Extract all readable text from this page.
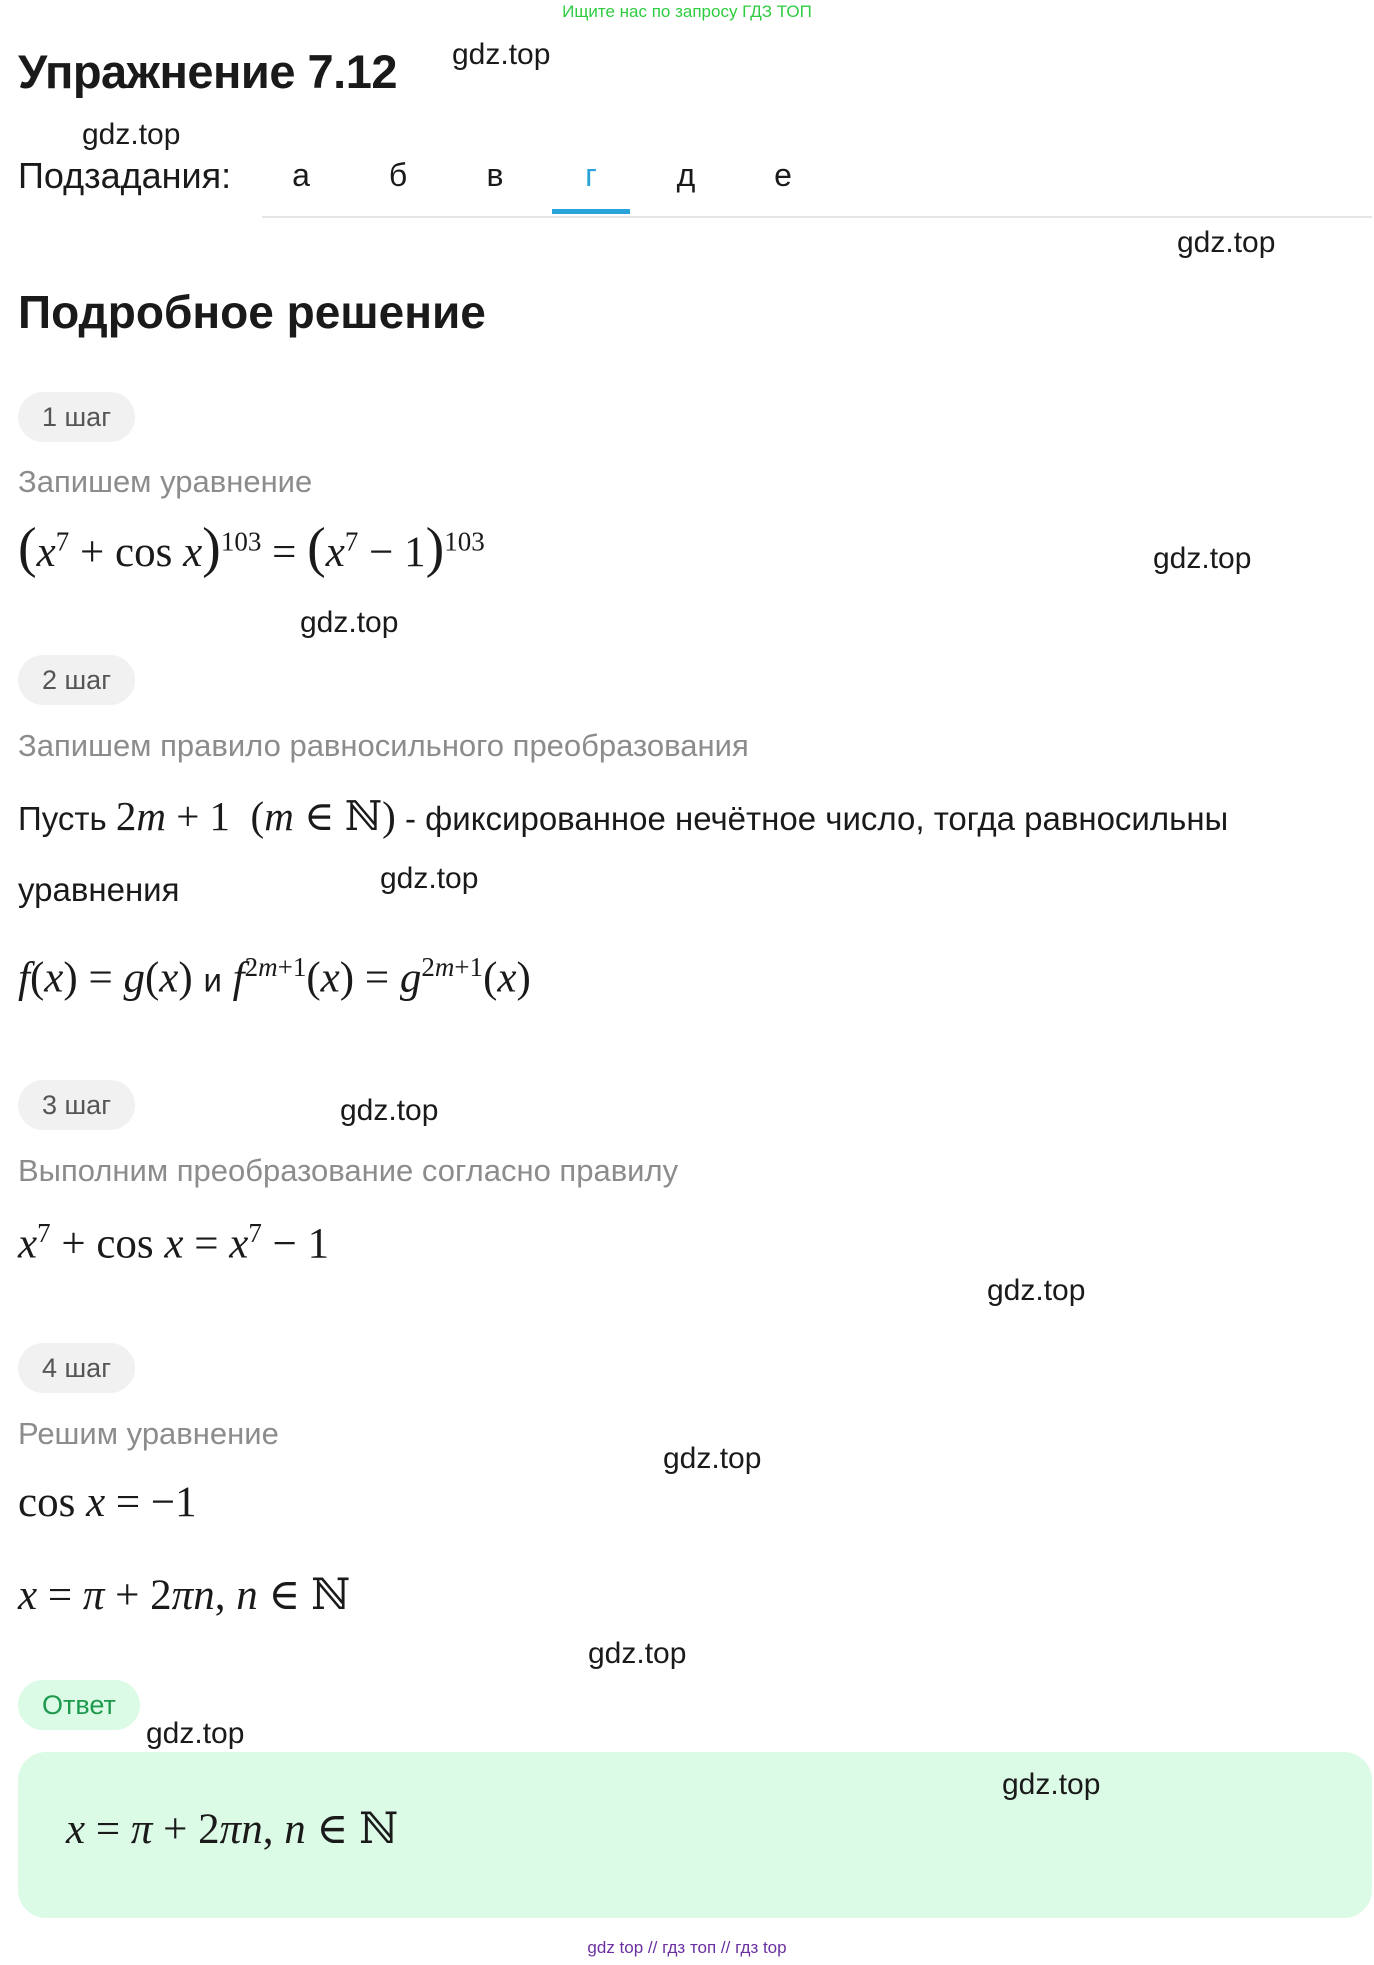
Ищите нас по запросу ГДЗ ТОП
Упражнение 7.12 gdz.top
gdz.top
Подзадания:	а	б	в	г	д	е
gdz.top
Подробное решение
1 шаг
Запишем уравнение
$(x^7 + \cos x)^{103} = (x^7 - 1)^{103}$
gdz.top
gdz.top
2 шаг
Запишем правило равносильного преобразования
Пусть 2m + 1  (m ∈ ℕ) - фиксированное нечётное число, тогда равносильны
уравнения	gdz.top
f(x) = g(x) и $f^{2m+1}(x) = g^{2m+1}(x)$
3 шаг	gdz.top
Выполним преобразование согласно правилу
$x^7 + \cos x = x^7 - 1$
gdz.top
4 шаг
Решим уравнение
gdz.top
cos x = −1
x = π + 2πn, n ∈ ℕ
gdz.top
Ответ
gdz.top
x = π + 2πn, n ∈ ℕ
gdz.top
gdz top // гдз топ // гдз top
